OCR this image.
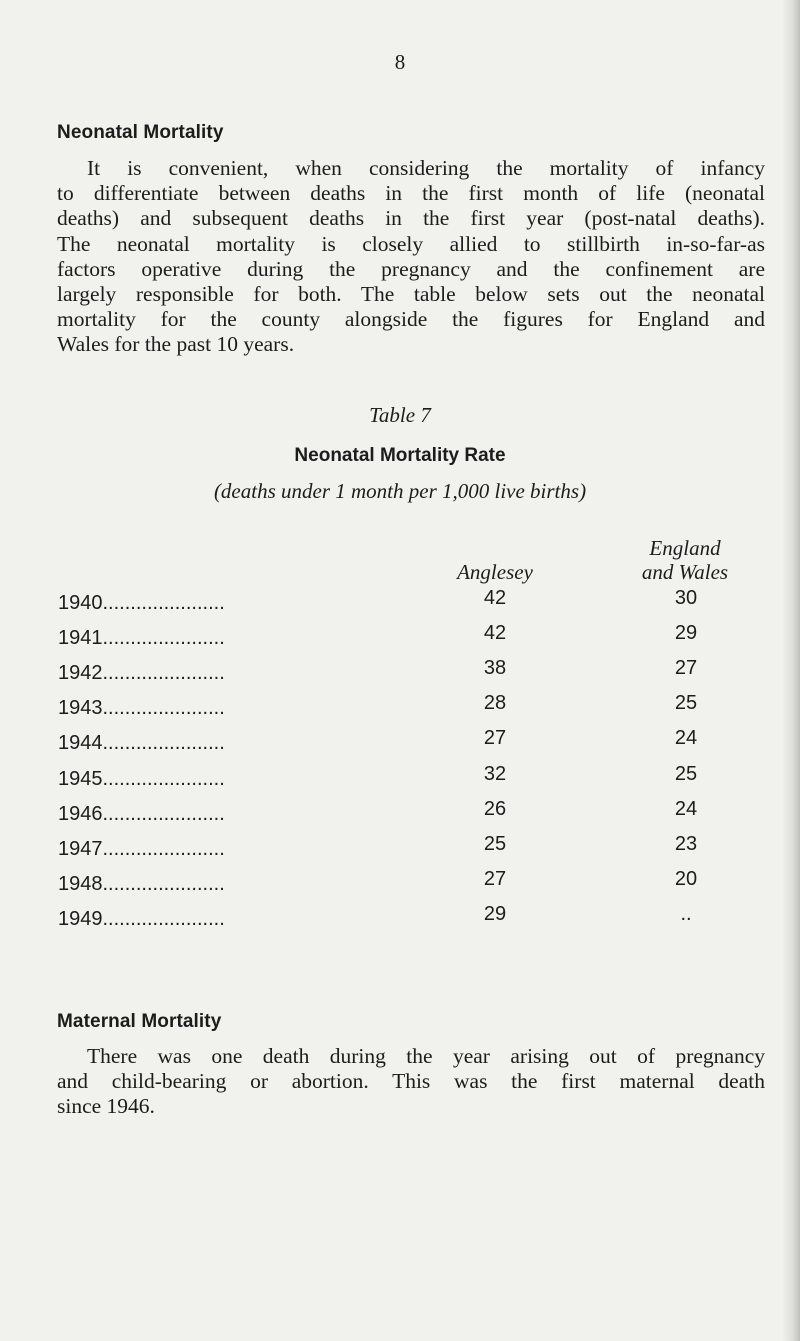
8
Neonatal Mortality
It is convenient, when considering the mortality of infancy
to differentiate between deaths in the first month of life (neonatal
deaths) and subsequent deaths in the first year (post-natal deaths).
The neonatal mortality is closely allied to stillbirth in-so-far-as
factors operative during the pregnancy and the confinement are
largely responsible for both. The table below sets out the neonatal
mortality for the county alongside the figures for England and
Wales for the past 10 years.
Table 7
Neonatal Mortality Rate
(deaths under 1 month per 1,000 live births)
England
and Wales
Anglesey
1940......................	42	30
1941......................	42	29
1942......................	38	27
1943......................	28	25
1944......................	27	24
1945......................	32	25
1946......................	26	24
1947......................	25	23
1948......................	27	20
1949......................	29	..
Maternal Mortality
There was one death during the year arising out of pregnancy
and child-bearing or abortion. This was the first maternal death
since 1946.
